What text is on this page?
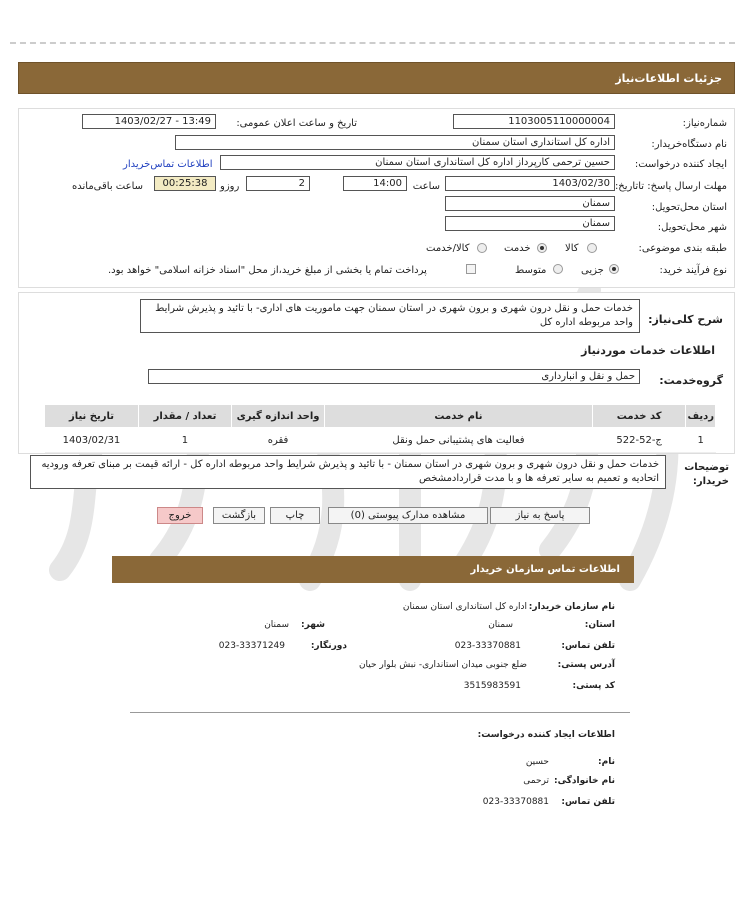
جزئیات اطلاعات‌نیاز
شماره‌نیاز:
1103005110000004
تاریخ و ساعت اعلان عمومی:
1403/02/27 - 13:49
نام دستگاه‌خریدار:
اداره کل استانداری استان سمنان
ایجاد کننده درخواست:
حسین ترحمی کارپرداز اداره کل استانداری استان سمنان
اطلاعات تماس‌خریدار
مهلت ارسال پاسخ: تاتاریخ:
1403/02/30
ساعت
14:00
2
روزو
00:25:38
ساعت باقی‌مانده
استان محل‌تحویل:
سمنان
شهر محل‌تحویل:
سمنان
طبقه بندی موضوعی:
کالا
خدمت
کالا/خدمت
نوع فرآیند خرید:
جزیی
متوسط
پرداخت تمام یا بخشی از مبلغ خرید،از محل "اسناد خزانه اسلامی" خواهد بود.
شرح کلی‌نیاز:
خدمات حمل و نقل درون شهری و برون شهری در استان سمنان جهت ماموریت های اداری- با تائید و پذیرش شرایط واحد مربوطه اداره کل
اطلاعات خدمات موردنیاز
گروه‌خدمت:
حمل و نقل و انبارداری
ردیف	کد خدمت	نام خدمت	واحد اندازه گیری	تعداد / مقدار	تاریخ نیاز
1	ج-52-522	فعالیت های پشتیبانی حمل ونقل	فقره	1	1403/02/31
توضیحات خریدار:
خدمات حمل و نقل درون شهری و برون شهری در استان سمنان - با تائید و پذیرش شرایط واحد مربوطه اداره کل - ارائه قیمت بر مبنای تعرفه ورودیه اتحادیه و تعمیم به سایر تعرفه ها و با مدت قراردادمشخص
پاسخ به نیاز
مشاهده مدارک پیوستی (0)
چاپ
بازگشت
خروج
اطلاعات تماس سازمان خریدار
نام سازمان خریدار:
اداره کل استانداری استان سمنان
استان:
سمنان
شهر:
سمنان
تلفن تماس:
023-33370881
دورنگار:
023-33371249
آدرس پستی:
ضلع جنوبی میدان استانداری- نبش بلوار حیان
کد پستی:
3515983591
اطلاعات ایجاد کننده درخواست:
نام:
حسین
نام خانوادگی:
ترحمی
تلفن تماس:
023-33370881
